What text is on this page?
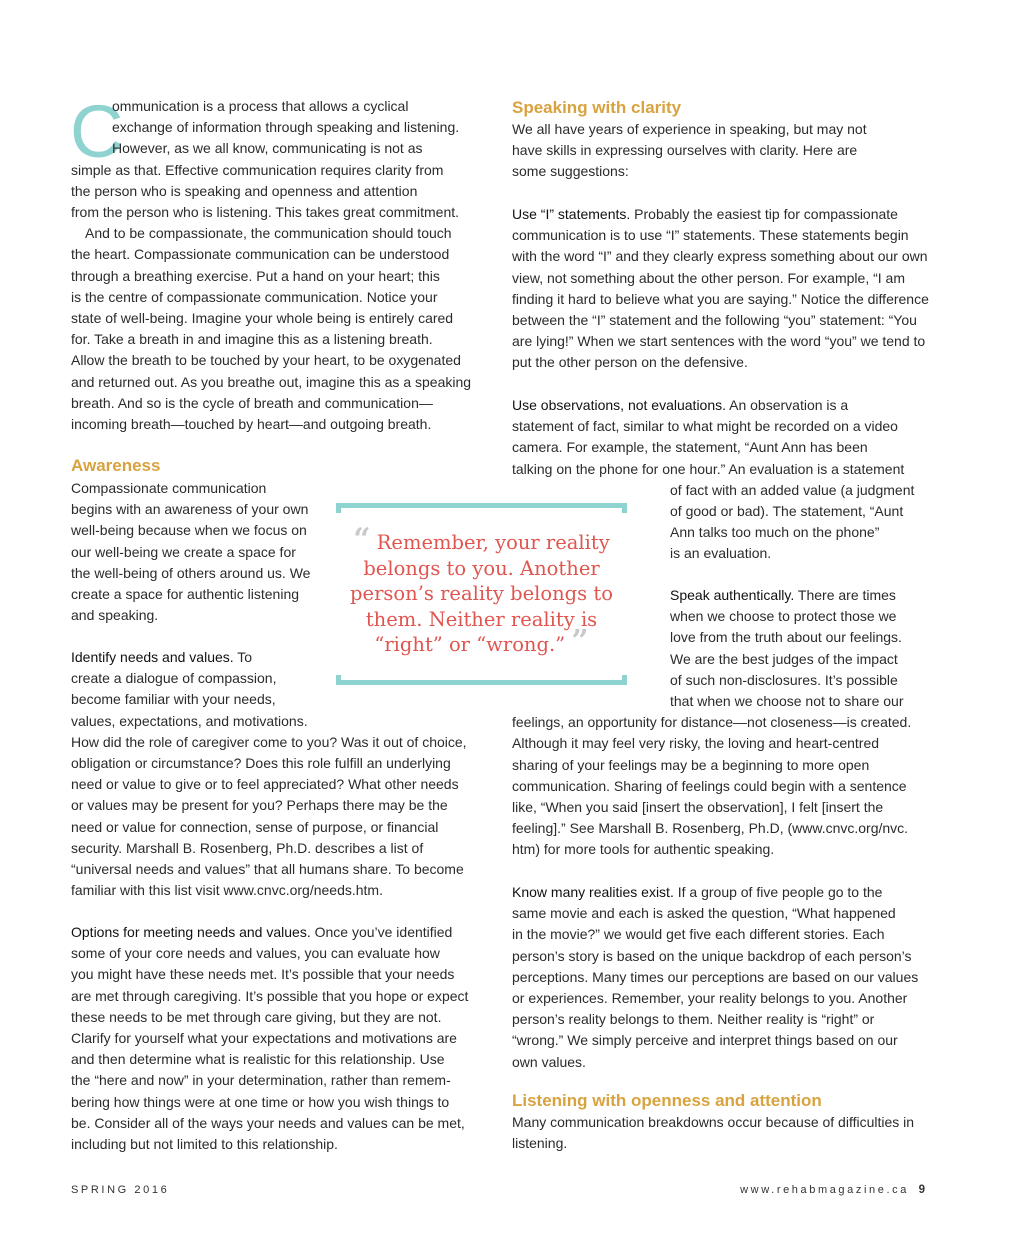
C
ommunication is a process that allows a cyclical
exchange of information through speaking and listening.
However, as we all know, communicating is not as
simple as that. Effective communication requires clarity from
the person who is speaking and openness and attention
from the person who is listening. This takes great commitment.
And to be compassionate, the communication should touch
the heart. Compassionate communication can be understood
through a breathing exercise. Put a hand on your heart; this
is the centre of compassionate communication. Notice your
state of well-being. Imagine your whole being is entirely cared
for. Take a breath in and imagine this as a listening breath.
Allow the breath to be touched by your heart, to be oxygenated
and returned out. As you breathe out, imagine this as a speaking
breath. And so is the cycle of breath and communication—
incoming breath—touched by heart—and outgoing breath.
Awareness
Compassionate communication
begins with an awareness of your own
well-being because when we focus on
our well-being we create a space for
the well-being of others around us. We
create a space for authentic listening
and speaking.
Identify needs and values. To
create a dialogue of compassion,
become familiar with your needs,
values, expectations, and motivations.
How did the role of caregiver come to you? Was it out of choice,
obligation or circumstance? Does this role fulfill an underlying
need or value to give or to feel appreciated? What other needs
or values may be present for you? Perhaps there may be the
need or value for connection, sense of purpose, or financial
security. Marshall B. Rosenberg, Ph.D. describes a list of
“universal needs and values” that all humans share. To become
familiar with this list visit www.cnvc.org/needs.htm.
Options for meeting needs and values. Once you’ve identified
some of your core needs and values, you can evaluate how
you might have these needs met. It’s possible that your needs
are met through caregiving. It’s possible that you hope or expect
these needs to be met through care giving, but they are not.
Clarify for yourself what your expectations and motivations are
and then determine what is realistic for this relationship. Use
the “here and now” in your determination, rather than remem-
bering how things were at one time or how you wish things to
be. Consider all of the ways your needs and values can be met,
including but not limited to this relationship.
Speaking with clarity
We all have years of experience in speaking, but may not
have skills in expressing ourselves with clarity. Here are
some suggestions:
Use “I” statements. Probably the easiest tip for compassionate
communication is to use “I” statements. These statements begin
with the word “I” and they clearly express something about our own
view, not something about the other person. For example, “I am
finding it hard to believe what you are saying.” Notice the difference
between the “I” statement and the following “you” statement: “You
are lying!” When we start sentences with the word “you” we tend to
put the other person on the defensive.
Use observations, not evaluations. An observation is a
statement of fact, similar to what might be recorded on a video
camera. For example, the statement, “Aunt Ann has been
talking on the phone for one hour.” An evaluation is a statement
of fact with an added value (a judgment
of good or bad). The statement, “Aunt
Ann talks too much on the phone”
is an evaluation.
Speak authentically. There are times
when we choose to protect those we
love from the truth about our feelings.
We are the best judges of the impact
of such non-disclosures. It’s possible
that when we choose not to share our
feelings, an opportunity for distance—not closeness—is created.
Although it may feel very risky, the loving and heart-centred
sharing of your feelings may be a beginning to more open
communication. Sharing of feelings could begin with a sentence
like, “When you said [insert the observation], I felt [insert the
feeling].” See Marshall B. Rosenberg, Ph.D, (www.cnvc.org/nvc.
htm) for more tools for authentic speaking.
Know many realities exist. If a group of five people go to the
same movie and each is asked the question, “What happened
in the movie?” we would get five each different stories. Each
person’s story is based on the unique backdrop of each person’s
perceptions. Many times our perceptions are based on our values
or experiences. Remember, your reality belongs to you. Another
person’s reality belongs to them. Neither reality is “right” or
“wrong.” We simply perceive and interpret things based on our
own values.
Listening with openness and attention
Many communication breakdowns occur because of difficulties in
listening.
“ Remember, your reality
belongs to you. Another
person’s reality belongs to
them. Neither reality is
“right” or “wrong.” ”
SPRING 2016	www.rehabmagazine.ca 9
